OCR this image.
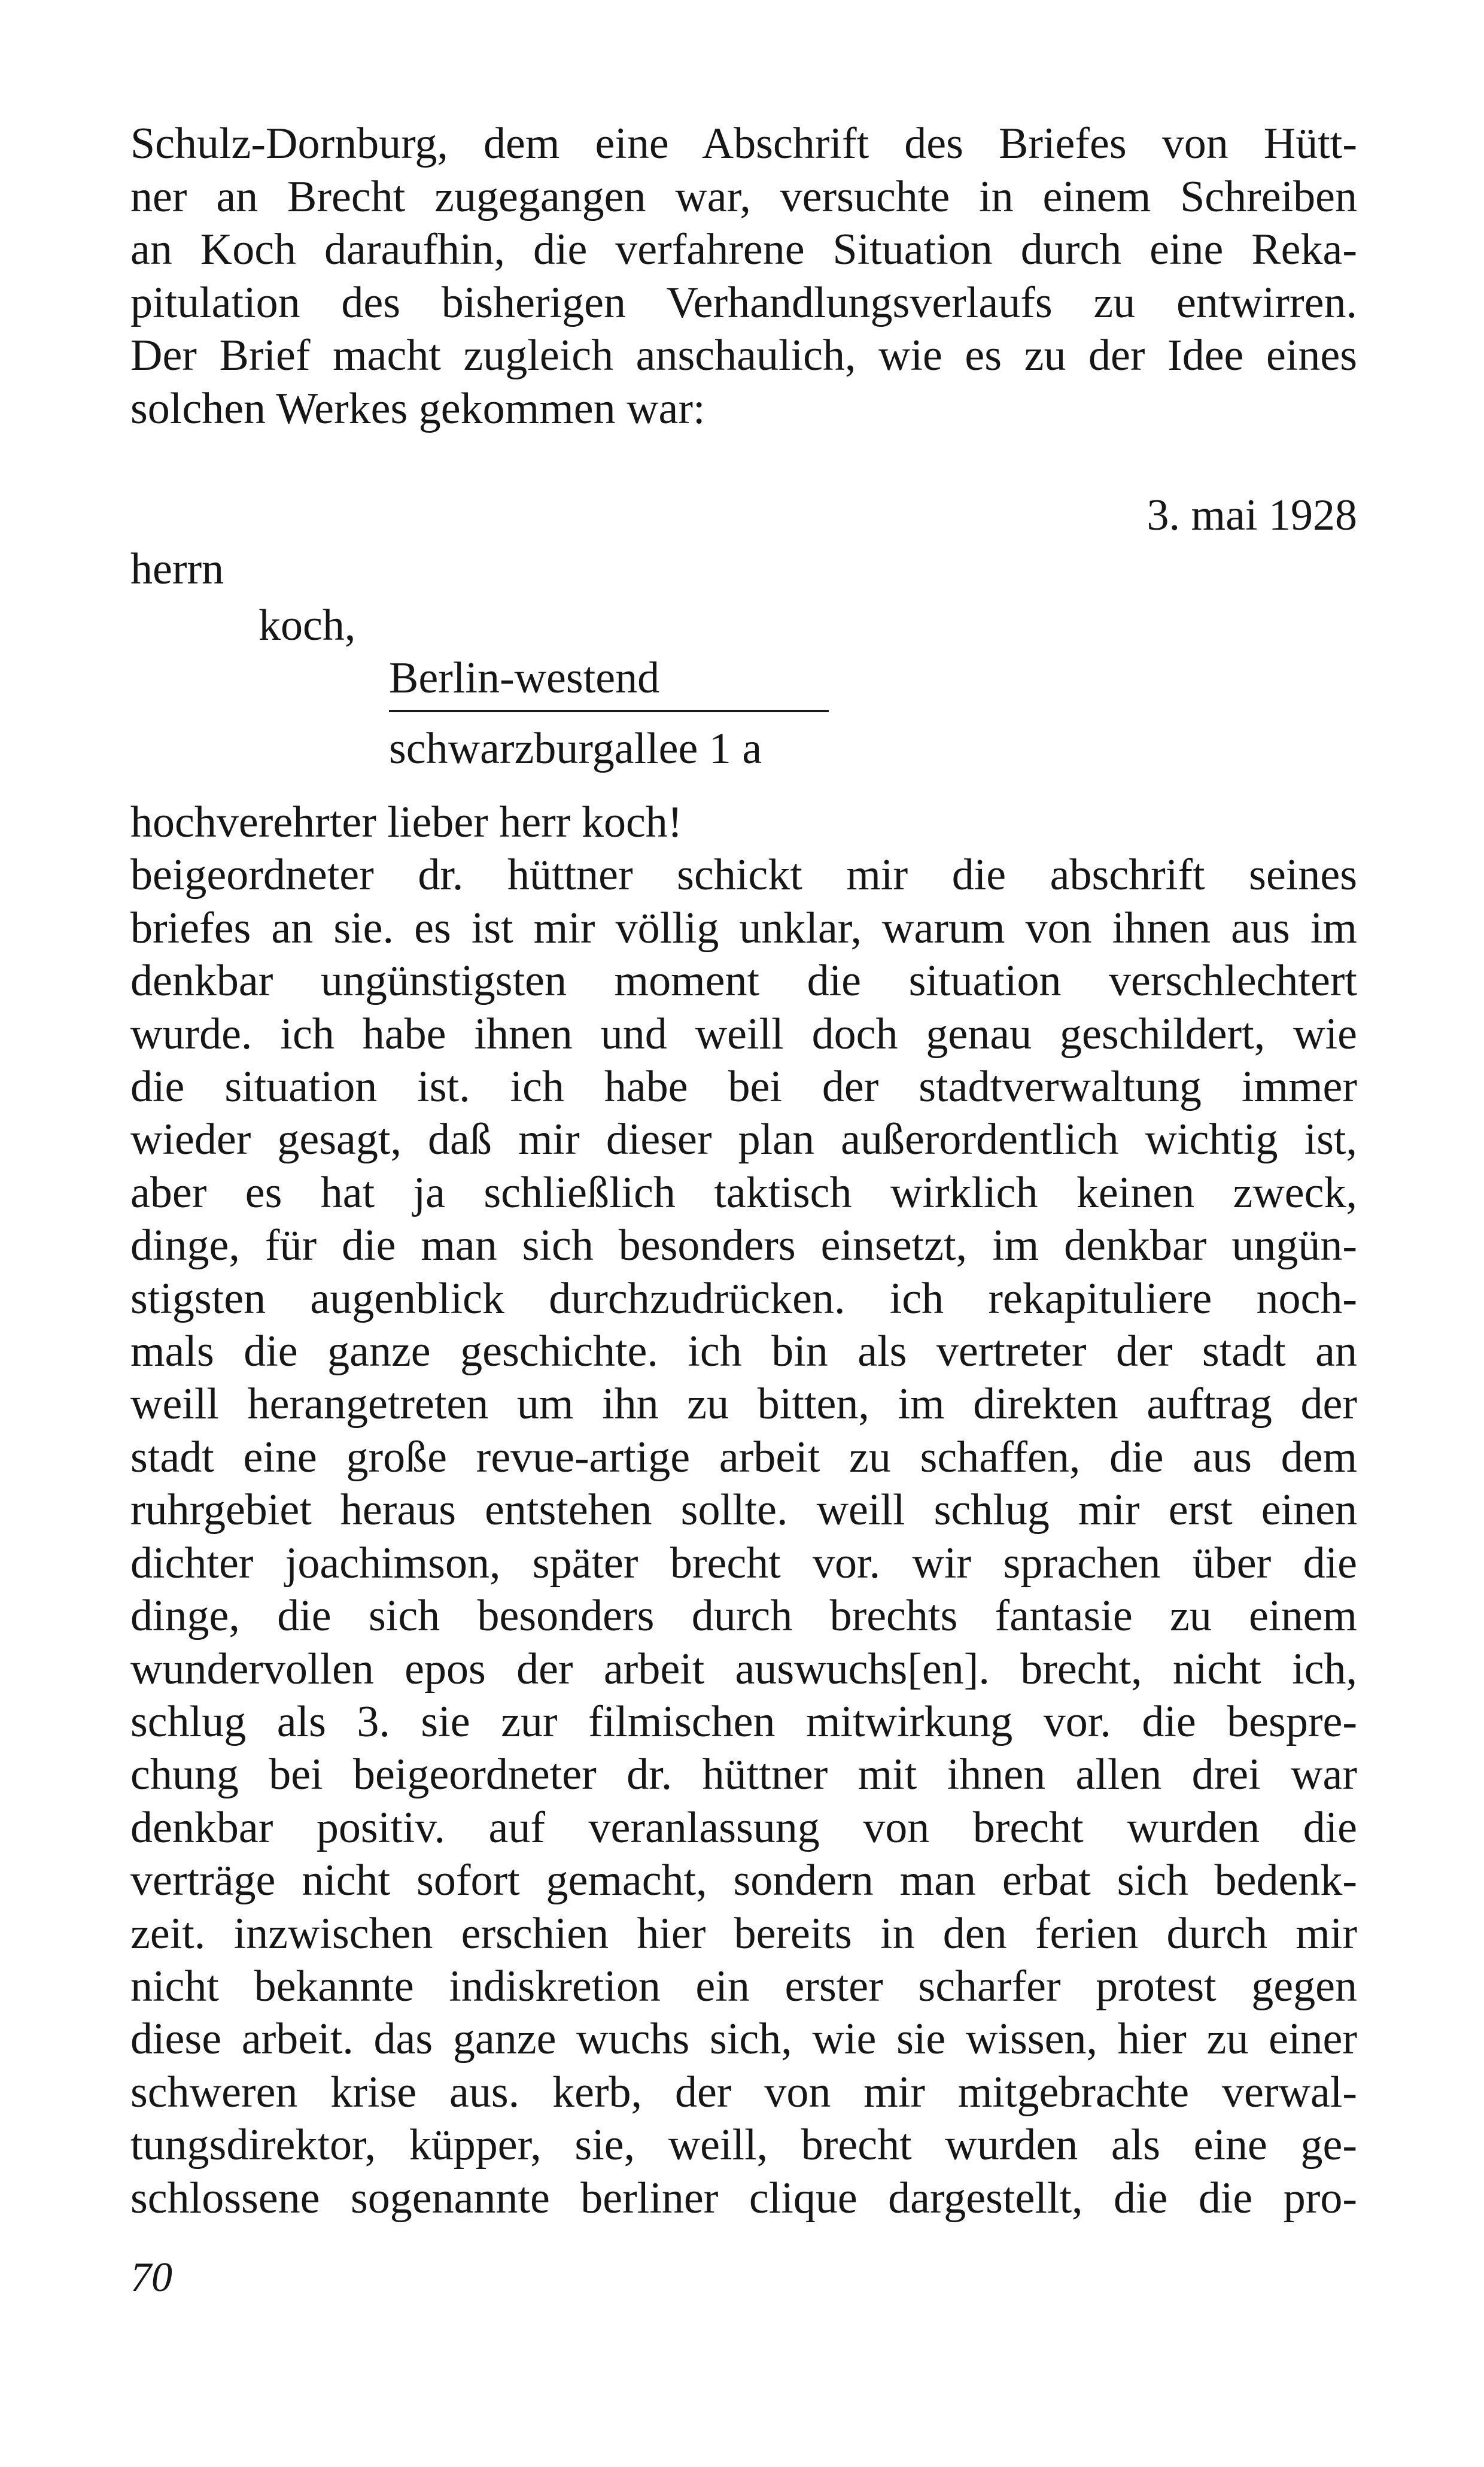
Schulz-Dornburg, dem eine Abschrift des Briefes von Hütt-
ner an Brecht zugegangen war, versuchte in einem Schreiben
an Koch daraufhin, die verfahrene Situation durch eine Reka-
pitulation des bisherigen Verhandlungsverlaufs zu entwirren.
Der Brief macht zugleich anschaulich, wie es zu der Idee eines
solchen Werkes gekommen war:

3. mai 1928

herrn

koch,

Berlin-westend

schwarzburgallee 1 a

hochverehrter lieber herr koch!
beigeordneter dr. hüttner schickt mir die abschrift seines
briefes an sie. es ist mir völlig unklar, warum von ihnen aus im
denkbar ungünstigsten moment die situation verschlechtert
wurde. ich habe ihnen und weill doch genau geschildert, wie
die situation ist. ich habe bei der stadtverwaltung immer
wieder gesagt, daß mir dieser plan außerordentlich wichtig ist,
aber es hat ja schließlich taktisch wirklich keinen zweck,
dinge, für die man sich besonders einsetzt, im denkbar ungün-
stigsten augenblick durchzudrücken. ich rekapituliere noch-
mals die ganze geschichte. ich bin als vertreter der stadt an
weill herangetreten um ihn zu bitten, im direkten auftrag der
stadt eine große revue-artige arbeit zu schaffen, die aus dem
ruhrgebiet heraus entstehen sollte. weill schlug mir erst einen
dichter joachimson, später brecht vor. wir sprachen über die
dinge, die sich besonders durch brechts fantasie zu einem
wundervollen epos der arbeit auswuchs[en]. brecht, nicht ich,
schlug als 3. sie zur filmischen mitwirkung vor. die bespre-
chung bei beigeordneter dr. hüttner mit ihnen allen drei war
denkbar positiv. auf veranlassung von brecht wurden die
verträge nicht sofort gemacht, sondern man erbat sich bedenk-
zeit. inzwischen erschien hier bereits in den ferien durch mir
nicht bekannte indiskretion ein erster scharfer protest gegen
diese arbeit. das ganze wuchs sich, wie sie wissen, hier zu einer
schweren krise aus. kerb, der von mir mitgebrachte verwal-
tungsdirektor, küpper, sie, weill, brecht wurden als eine ge-
schlossene sogenannte berliner clique dargestellt, die die pro-

70
